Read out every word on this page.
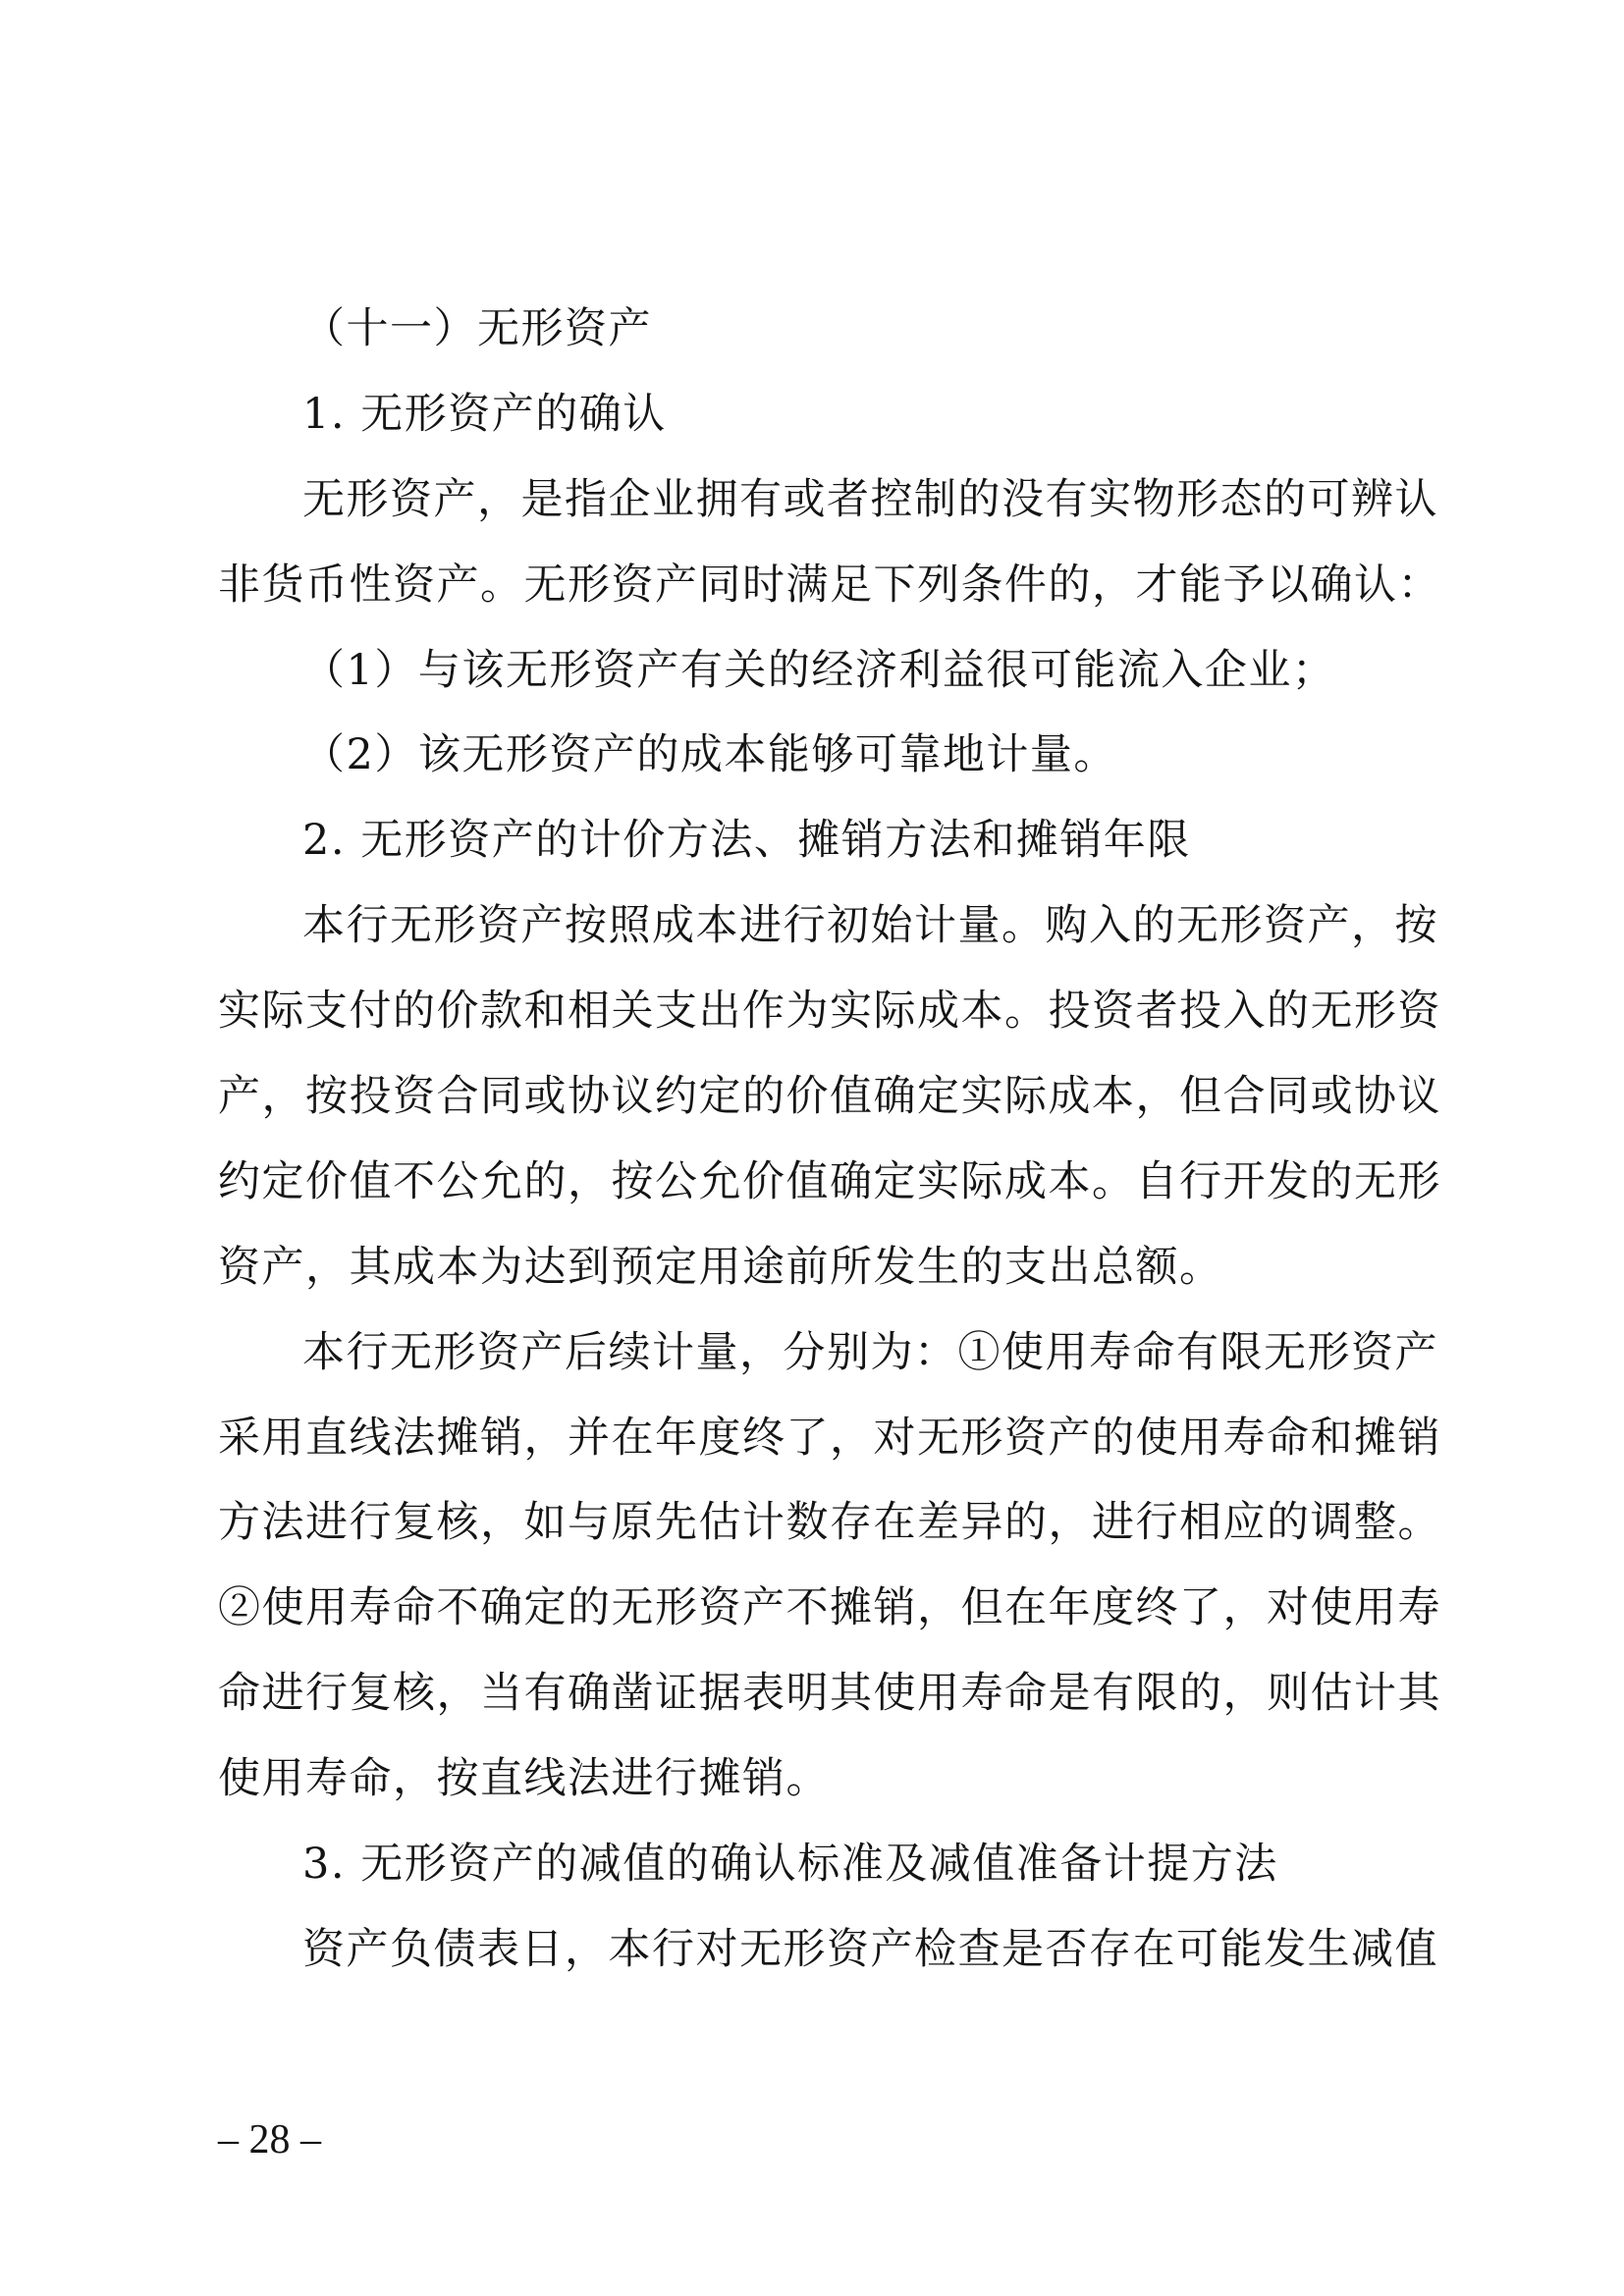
（十一）无形资产
1. 无形资产的确认
无形资产，是指企业拥有或者控制的没有实物形态的可辨认
非货币性资产。无形资产同时满足下列条件的，才能予以确认：
（1）与该无形资产有关的经济利益很可能流入企业；
（2）该无形资产的成本能够可靠地计量。
2. 无形资产的计价方法、摊销方法和摊销年限
本行无形资产按照成本进行初始计量。购入的无形资产，按
实际支付的价款和相关支出作为实际成本。投资者投入的无形资
产，按投资合同或协议约定的价值确定实际成本，但合同或协议
约定价值不公允的，按公允价值确定实际成本。自行开发的无形
资产，其成本为达到预定用途前所发生的支出总额。
本行无形资产后续计量，分别为：①使用寿命有限无形资产
采用直线法摊销，并在年度终了，对无形资产的使用寿命和摊销
方法进行复核，如与原先估计数存在差异的，进行相应的调整。
②使用寿命不确定的无形资产不摊销，但在年度终了，对使用寿
命进行复核，当有确凿证据表明其使用寿命是有限的，则估计其
使用寿命，按直线法进行摊销。
3. 无形资产的减值的确认标准及减值准备计提方法
资产负债表日，本行对无形资产检查是否存在可能发生减值
– 28 –
